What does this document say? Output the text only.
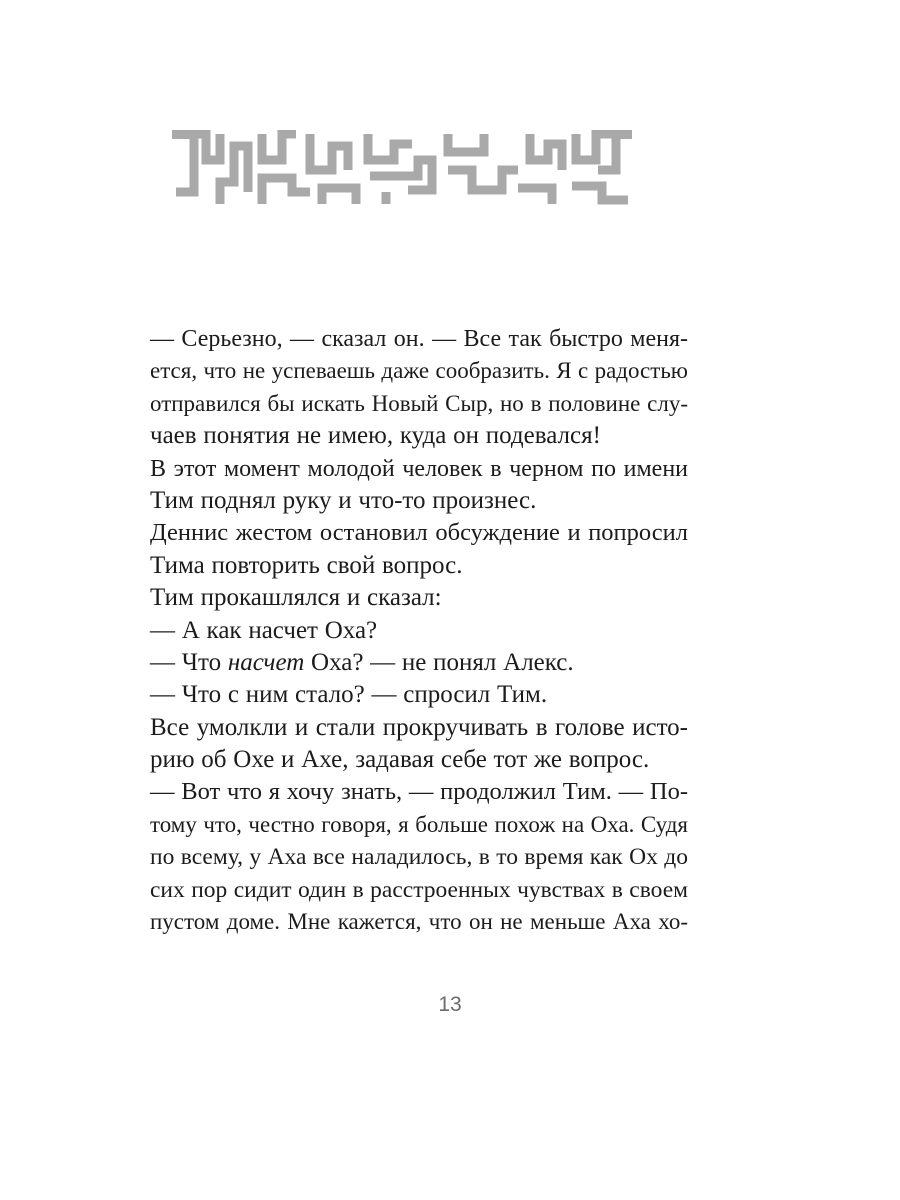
— Серьезно, — сказал он. — Все так быстро меня-
ется, что не успеваешь даже сообразить. Я с радостью
отправился бы искать Новый Сыр, но в половине слу-
чаев понятия не имею, куда он подевался!
В этот момент молодой человек в черном по имени
Тим поднял руку и что-то произнес.
Деннис жестом остановил обсуждение и попросил
Тима повторить свой вопрос.
Тим прокашлялся и сказал:
— А как насчет Оха?
— Что насчет Оха? — не понял Алекс.
— Что с ним стало? — спросил Тим.
Все умолкли и стали прокручивать в голове исто-
рию об Охе и Ахе, задавая себе тот же вопрос.
— Вот что я хочу знать, — продолжил Тим. — По-
тому что, честно говоря, я больше похож на Оха. Судя
по всему, у Аха все наладилось, в то время как Ох до
сих пор сидит один в расстроенных чувствах в своем
пустом доме. Мне кажется, что он не меньше Аха хо-
13
